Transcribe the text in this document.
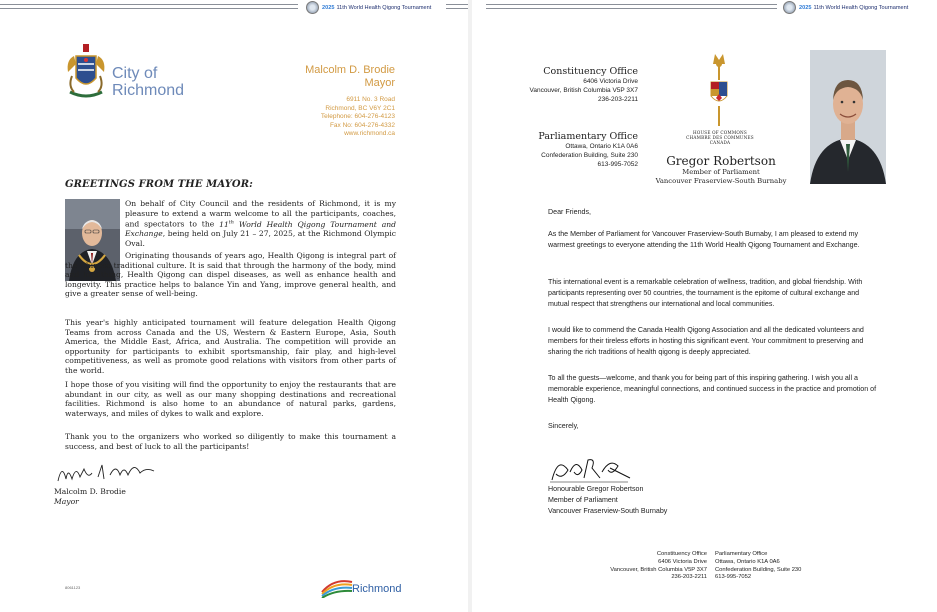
2025 11th World Health Qigong Tournament
City of
Richmond
Malcolm D. Brodie
Mayor
6911 No. 3 Road
Richmond, BC V6Y 2C1
Telephone: 604-276-4123
Fax No: 604-276-4332
www.richmond.ca
GREETINGS FROM THE MAYOR:

On behalf of City Council and the residents of Richmond, it is my pleasure to extend a warm welcome to all the participants, coaches, and spectators to the 11th World Health Qigong Tournament and Exchange, being held on July 21 – 27, 2025, at the Richmond Olympic Oval.

Originating thousands of years ago, Health Qigong is integral part of the Chinese traditional culture. It is said that through the harmony of the body, mind and breathing, Health Qigong can dispel diseases, as well as enhance health and longevity. This practice helps to balance Yin and Yang, improve general health, and give a greater sense of well-being.

This year's highly anticipated tournament will feature delegation Health Qigong Teams from across Canada and the US, Western & Eastern Europe, Asia, South America, the Middle East, Africa, and Australia. The competition will provide an opportunity for participants to exhibit sportsmanship, fair play, and high-level competitiveness, as well as promote good relations with visitors from other parts of the world.

I hope those of you visiting will find the opportunity to enjoy the restaurants that are abundant in our city, as well as our many shopping destinations and recreational facilities. Richmond is also home to an abundance of natural parks, gardens, waterways, and miles of dykes to walk and explore.

Thank you to the organizers who worked so diligently to make this tournament a success, and best of luck to all the participants!

Malcolm D. Brodie
Mayor
8061123	Richmond
2025 11th World Health Qigong Tournament
Constituency Office
6406 Victoria Drive
Vancouver, British Columbia V5P 3X7
236-203-2211
Parliamentary Office
Ottawa, Ontario K1A 0A6
Confederation Building, Suite 230
613-995-7052
HOUSE OF COMMONS
CHAMBRE DES COMMUNES
CANADA
Gregor Robertson
Member of Parliament
Vancouver Fraserview-South Burnaby

Dear Friends,

As the Member of Parliament for Vancouver Fraserview-South Burnaby, I am pleased to extend my warmest greetings to everyone attending the 11th World Health Qigong Tournament and Exchange.

This international event is a remarkable celebration of wellness, tradition, and global friendship. With participants representing over 50 countries, the tournament is the epitome of cultural exchange and mutual respect that strengthens our international and local communities.

I would like to commend the Canada Health Qigong Association and all the dedicated volunteers and members for their tireless efforts in hosting this significant event. Your commitment to preserving and sharing the rich traditions of health qigong is deeply appreciated.

To all the guests—welcome, and thank you for being part of this inspiring gathering. I wish you all a memorable experience, meaningful connections, and continued success in the practice and promotion of Health Qigong.

Sincerely,

Honourable Gregor Robertson
Member of Parliament
Vancouver Fraserview-South Burnaby
Constituency Office
6406 Victoria Drive
Vancouver, British Columbia V5P 3X7
236-203-2211
Parliamentary Office
Ottawa, Ontario K1A 0A6
Confederation Building, Suite 230
613-995-7052
